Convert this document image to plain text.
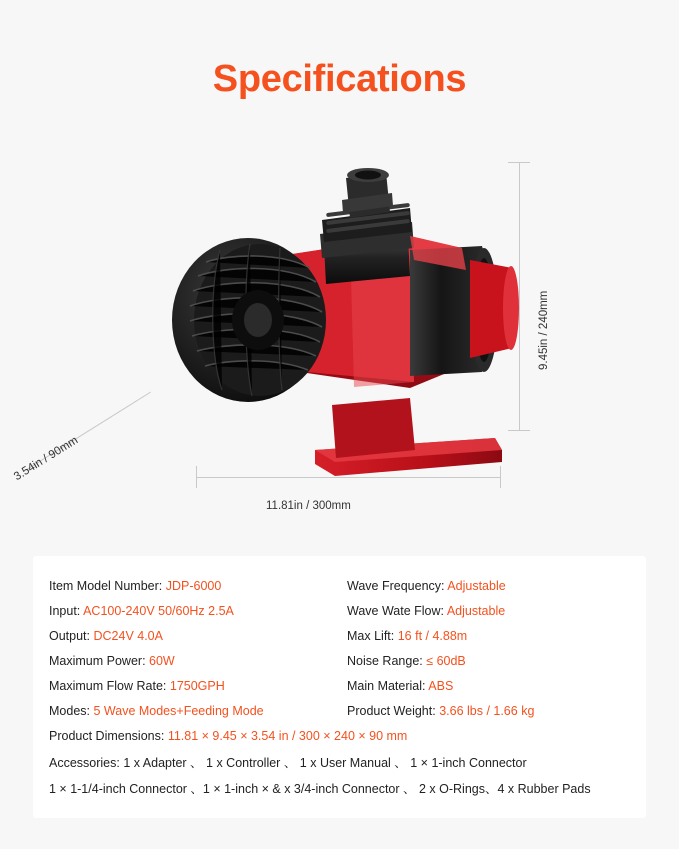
Specifications
9.45in / 240mm
11.81in / 300mm
3.54in / 90mm
Item Model Number: JDP-6000
Input: AC100-240V 50/60Hz 2.5A
Output: DC24V 4.0A
Maximum Power: 60W
Maximum Flow Rate: 1750GPH
Modes: 5 Wave Modes+Feeding Mode
Wave Frequency: Adjustable
Wave Wate Flow: Adjustable
Max Lift: 16 ft / 4.88m
Noise Range: ≤ 60dB
Main Material: ABS
Product Weight: 3.66 lbs / 1.66 kg
Product Dimensions: 11.81 × 9.45 × 3.54 in / 300 × 240 × 90 mm
Accessories: 1 x Adapter 、 1 x Controller 、 1 x User Manual 、 1 × 1-inch Connector
1 × 1-1/4-inch Connector 、1 × 1-inch × & x 3/4-inch Connector 、 2 x O-Rings、4 x Rubber Pads
